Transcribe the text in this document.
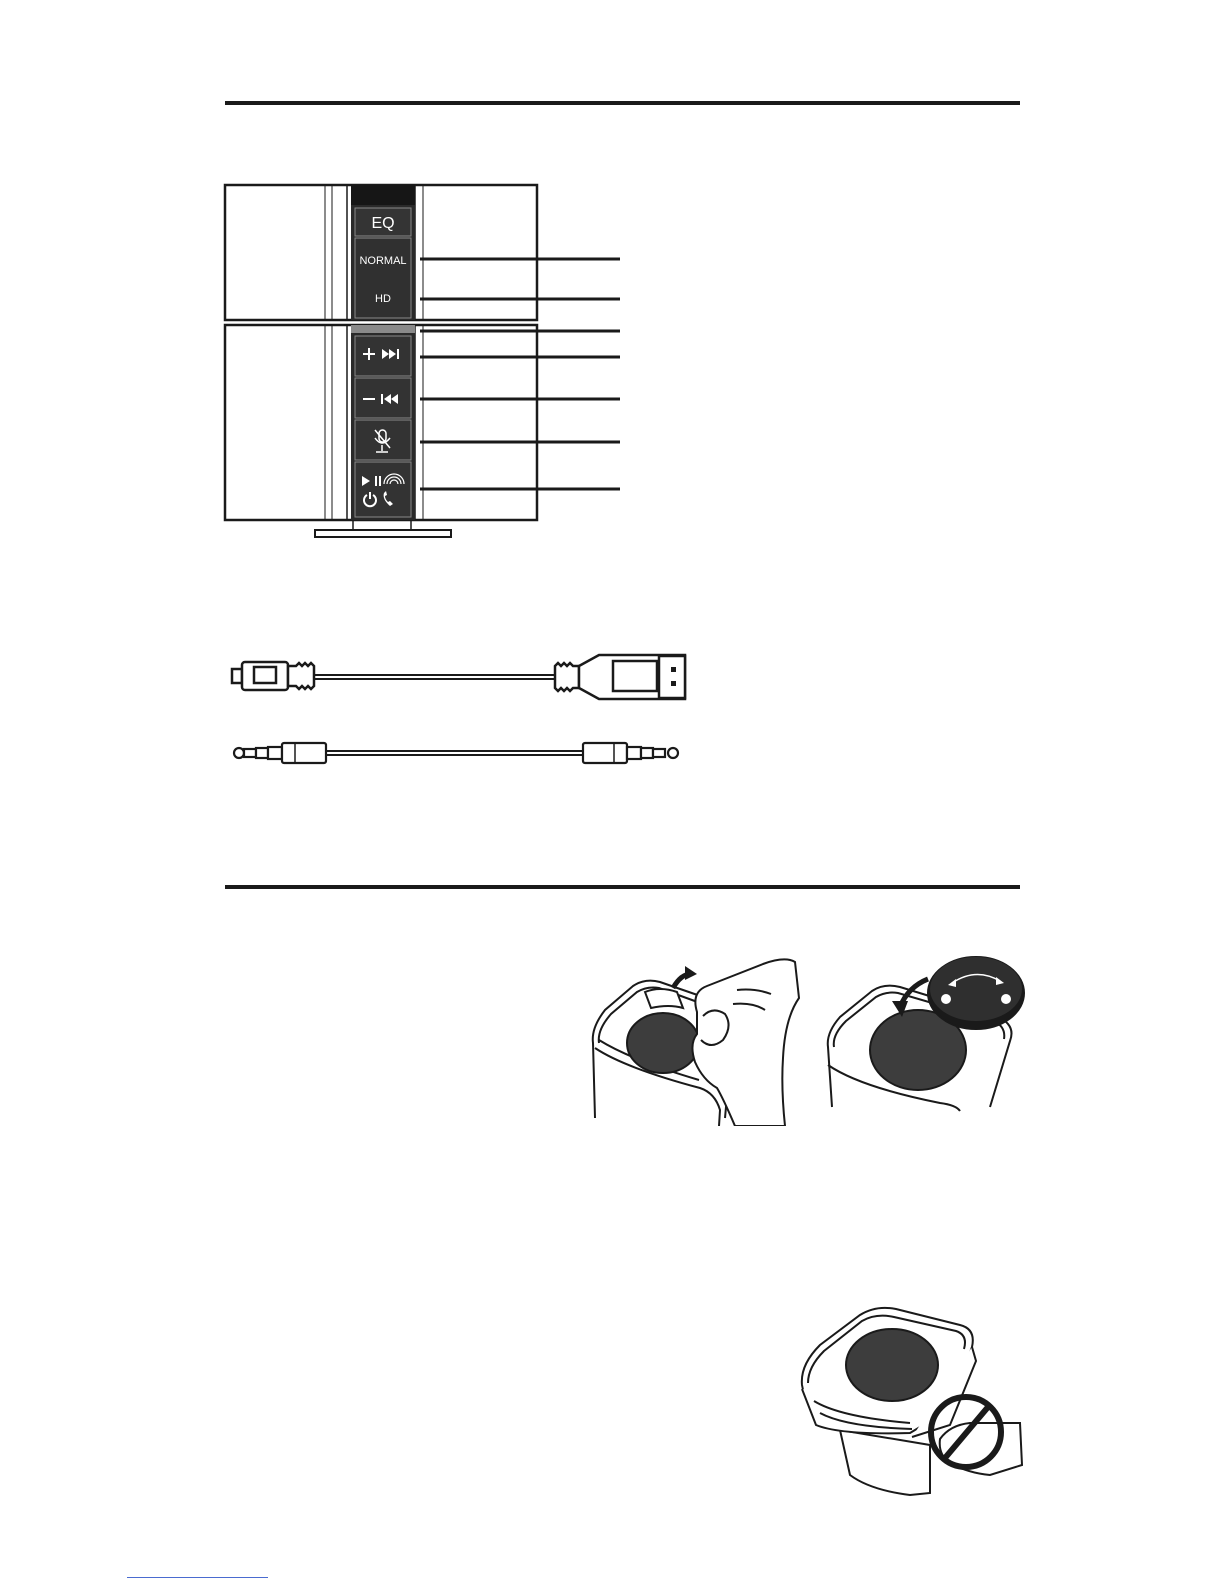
EQ
NORMAL
HD
